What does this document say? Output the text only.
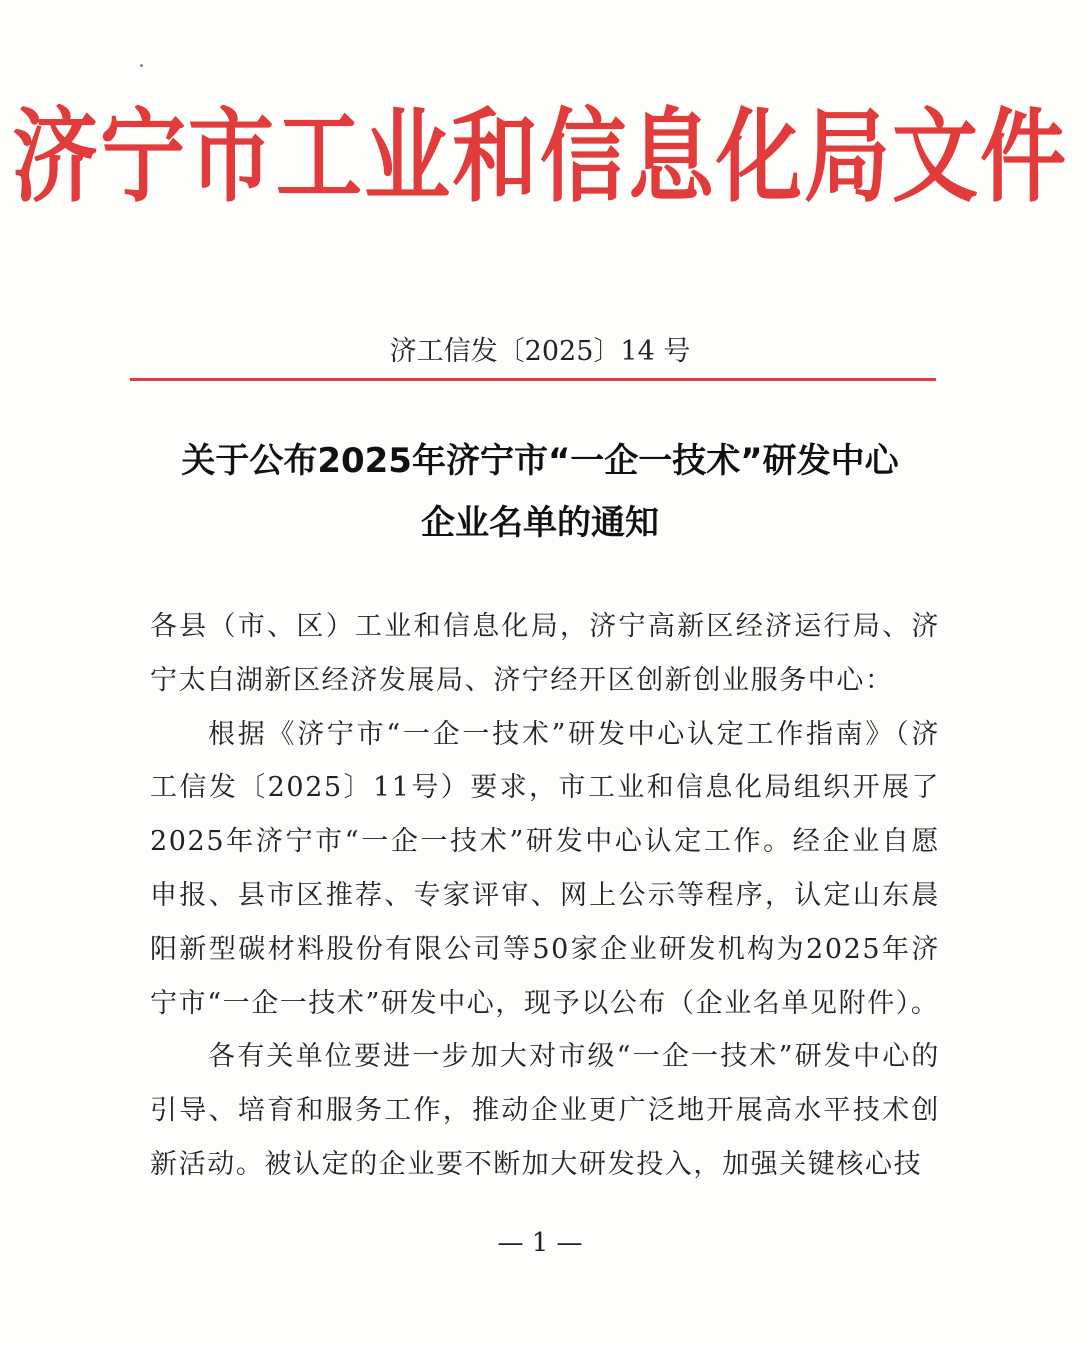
济宁市工业和信息化局文件
济工信发〔2025〕14 号
关于公布2025年济宁市“一企一技术”研发中心
企业名单的通知

各县（市、区）工业和信息化局，济宁高新区经济运行局、济宁太白湖新区经济发展局、济宁经开区创新创业服务中心：

根据《济宁市“一企一技术”研发中心认定工作指南》（济工信发〔2025〕11号）要求，市工业和信息化局组织开展了2025年济宁市“一企一技术”研发中心认定工作。经企业自愿申报、县市区推荐、专家评审、网上公示等程序，认定山东晨阳新型碳材料股份有限公司等50家企业研发机构为2025年济宁市“一企一技术”研发中心，现予以公布（企业名单见附件）。

各有关单位要进一步加大对市级“一企一技术”研发中心的引导、培育和服务工作，推动企业更广泛地开展高水平技术创新活动。被认定的企业要不断加大研发投入，加强关键核心技

— 1 —
